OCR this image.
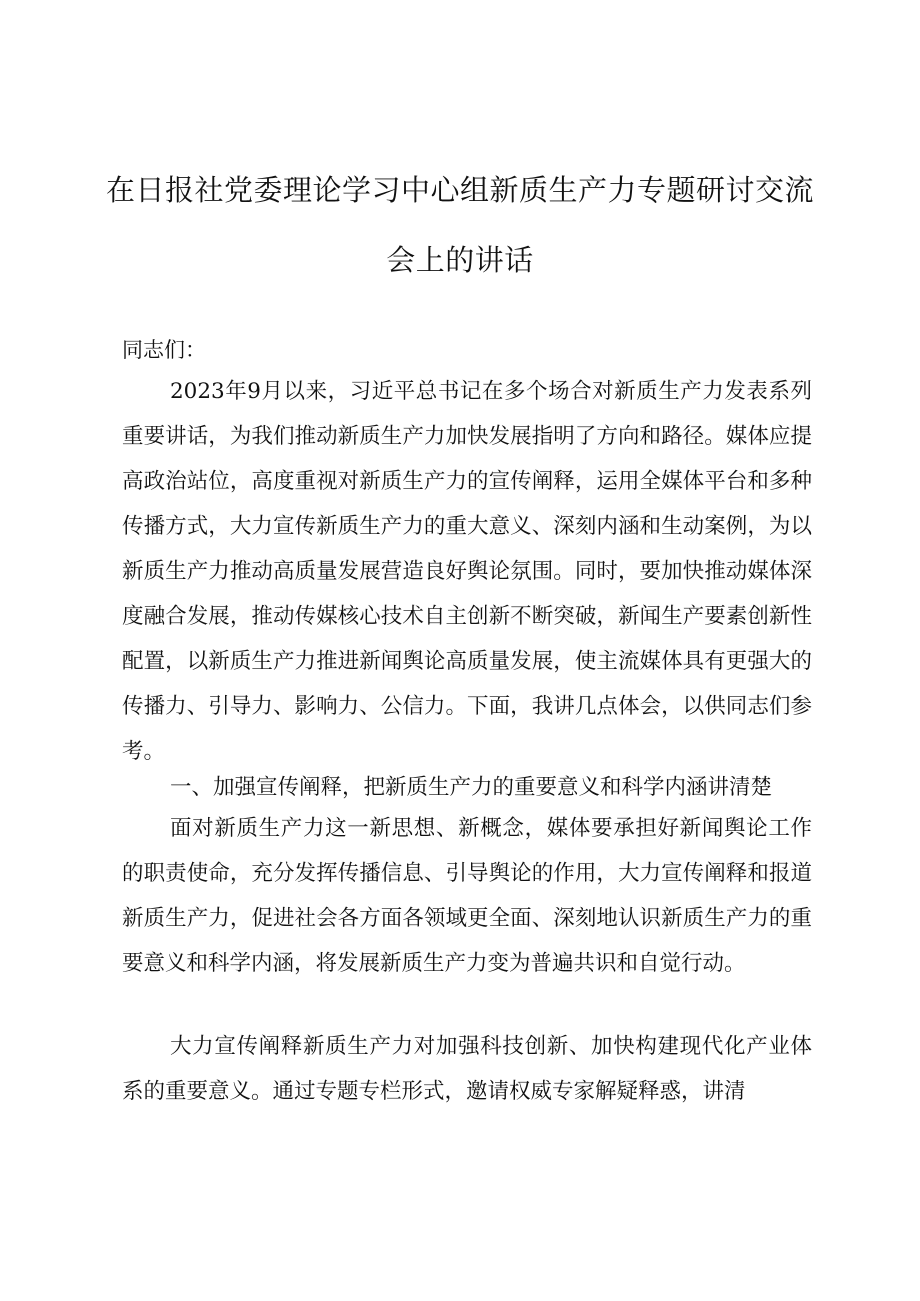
在日报社党委理论学习中心组新质生产力专题研讨交流
会上的讲话

同志们：

2023年9月以来，习近平总书记在多个场合对新质生产力发表系列重要讲话，为我们推动新质生产力加快发展指明了方向和路径。媒体应提高政治站位，高度重视对新质生产力的宣传阐释，运用全媒体平台和多种传播方式，大力宣传新质生产力的重大意义、深刻内涵和生动案例，为以新质生产力推动高质量发展营造良好舆论氛围。同时，要加快推动媒体深度融合发展，推动传媒核心技术自主创新不断突破，新闻生产要素创新性配置，以新质生产力推进新闻舆论高质量发展，使主流媒体具有更强大的传播力、引导力、影响力、公信力。下面，我讲几点体会，以供同志们参考。

一、加强宣传阐释，把新质生产力的重要意义和科学内涵讲清楚

面对新质生产力这一新思想、新概念，媒体要承担好新闻舆论工作的职责使命，充分发挥传播信息、引导舆论的作用，大力宣传阐释和报道新质生产力，促进社会各方面各领域更全面、深刻地认识新质生产力的重要意义和科学内涵，将发展新质生产力变为普遍共识和自觉行动。

大力宣传阐释新质生产力对加强科技创新、加快构建现代化产业体系的重要意义。通过专题专栏形式，邀请权威专家解疑释惑，讲清
